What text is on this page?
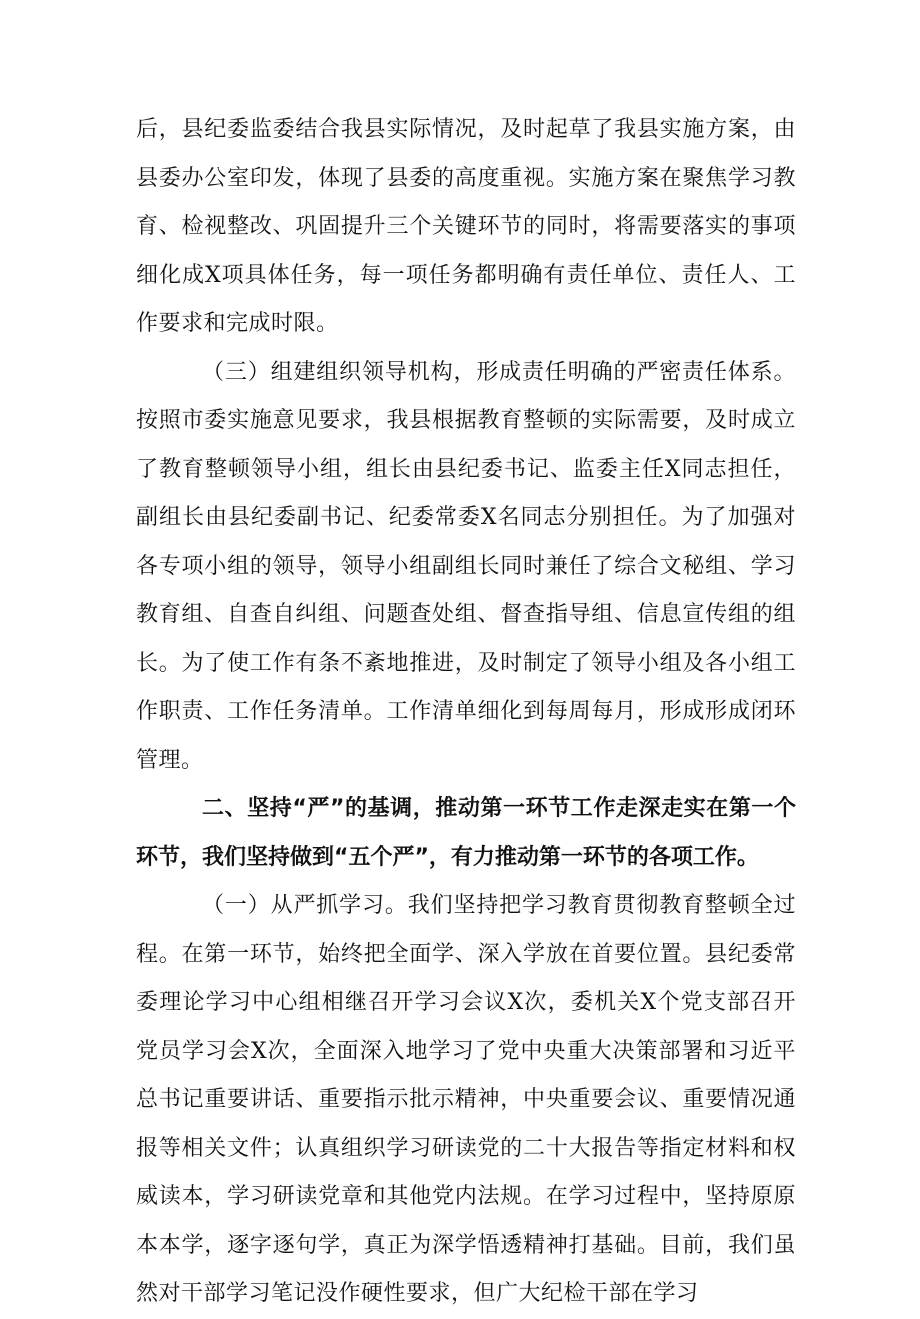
后，县纪委监委结合我县实际情况，及时起草了我县实施方案，由县委办公室印发，体现了县委的高度重视。实施方案在聚焦学习教育、检视整改、巩固提升三个关键环节的同时，将需要落实的事项细化成X项具体任务，每一项任务都明确有责任单位、责任人、工作要求和完成时限。

（三）组建组织领导机构，形成责任明确的严密责任体系。按照市委实施意见要求，我县根据教育整顿的实际需要，及时成立了教育整顿领导小组，组长由县纪委书记、监委主任X同志担任，副组长由县纪委副书记、纪委常委X名同志分别担任。为了加强对各专项小组的领导，领导小组副组长同时兼任了综合文秘组、学习教育组、自查自纠组、问题查处组、督查指导组、信息宣传组的组长。为了使工作有条不紊地推进，及时制定了领导小组及各小组工作职责、工作任务清单。工作清单细化到每周每月，形成形成闭环管理。

二、坚持“严”的基调，推动第一环节工作走深走实在第一个环节，我们坚持做到“五个严”，有力推动第一环节的各项工作。

（一）从严抓学习。我们坚持把学习教育贯彻教育整顿全过程。在第一环节，始终把全面学、深入学放在首要位置。县纪委常委理论学习中心组相继召开学习会议X次，委机关X个党支部召开党员学习会X次，全面深入地学习了党中央重大决策部署和习近平总书记重要讲话、重要指示批示精神，中央重要会议、重要情况通报等相关文件；认真组织学习研读党的二十大报告等指定材料和权威读本，学习研读党章和其他党内法规。在学习过程中，坚持原原本本学，逐字逐句学，真正为深学悟透精神打基础。目前，我们虽然对干部学习笔记没作硬性要求，但广大纪检干部在学习
